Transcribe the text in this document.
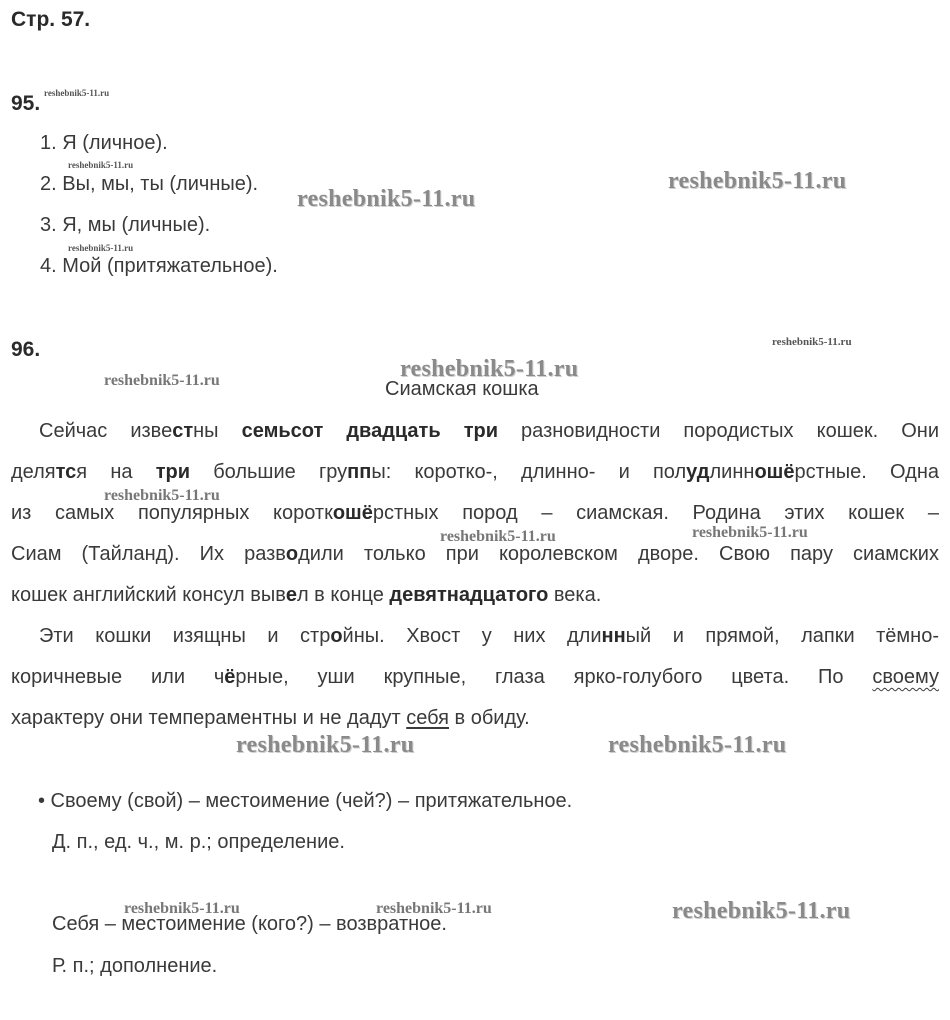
Стр. 57.
95.
1. Я (личное).
2. Вы, мы, ты (личные).
3. Я, мы (личные).
4. Мой (притяжательное).
96.
Сиамская кошка
Сейчас известны семьсот двадцать три разновидности породистых кошек. Они
делятся на три большие группы: коротко-, длинно- и полудлинношёрстные. Одна
из самых популярных короткошёрстных пород – сиамская. Родина этих кошек –
Сиам (Тайланд). Их разводили только при королевском дворе. Свою пару сиамских
кошек английский консул вывел в конце девятнадцатого века.
Эти кошки изящны и стройны. Хвост у них длинный и прямой, лапки тёмно-
коричневые или чёрные, уши крупные, глаза ярко-голубого цвета. По своему
характеру они темпераментны и не дадут себя в обиду.
• Своему (свой) – местоимение (чей?) – притяжательное.
Д. п., ед. ч., м. р.; определение.
Себя – местоимение (кого?) – возвратное.
Р. п.; дополнение.
reshebnik5-11.ru
reshebnik5-11.ru
reshebnik5-11.ru
reshebnik5-11.ru
reshebnik5-11.ru
reshebnik5-11.ru
reshebnik5-11.ru
reshebnik5-11.ru
reshebnik5-11.ru
reshebnik5-11.ru	reshebnik5-11.ru
reshebnik5-11.ru	reshebnik5-11.ru
reshebnik5-11.ru	reshebnik5-11.ru	reshebnik5-11.ru
